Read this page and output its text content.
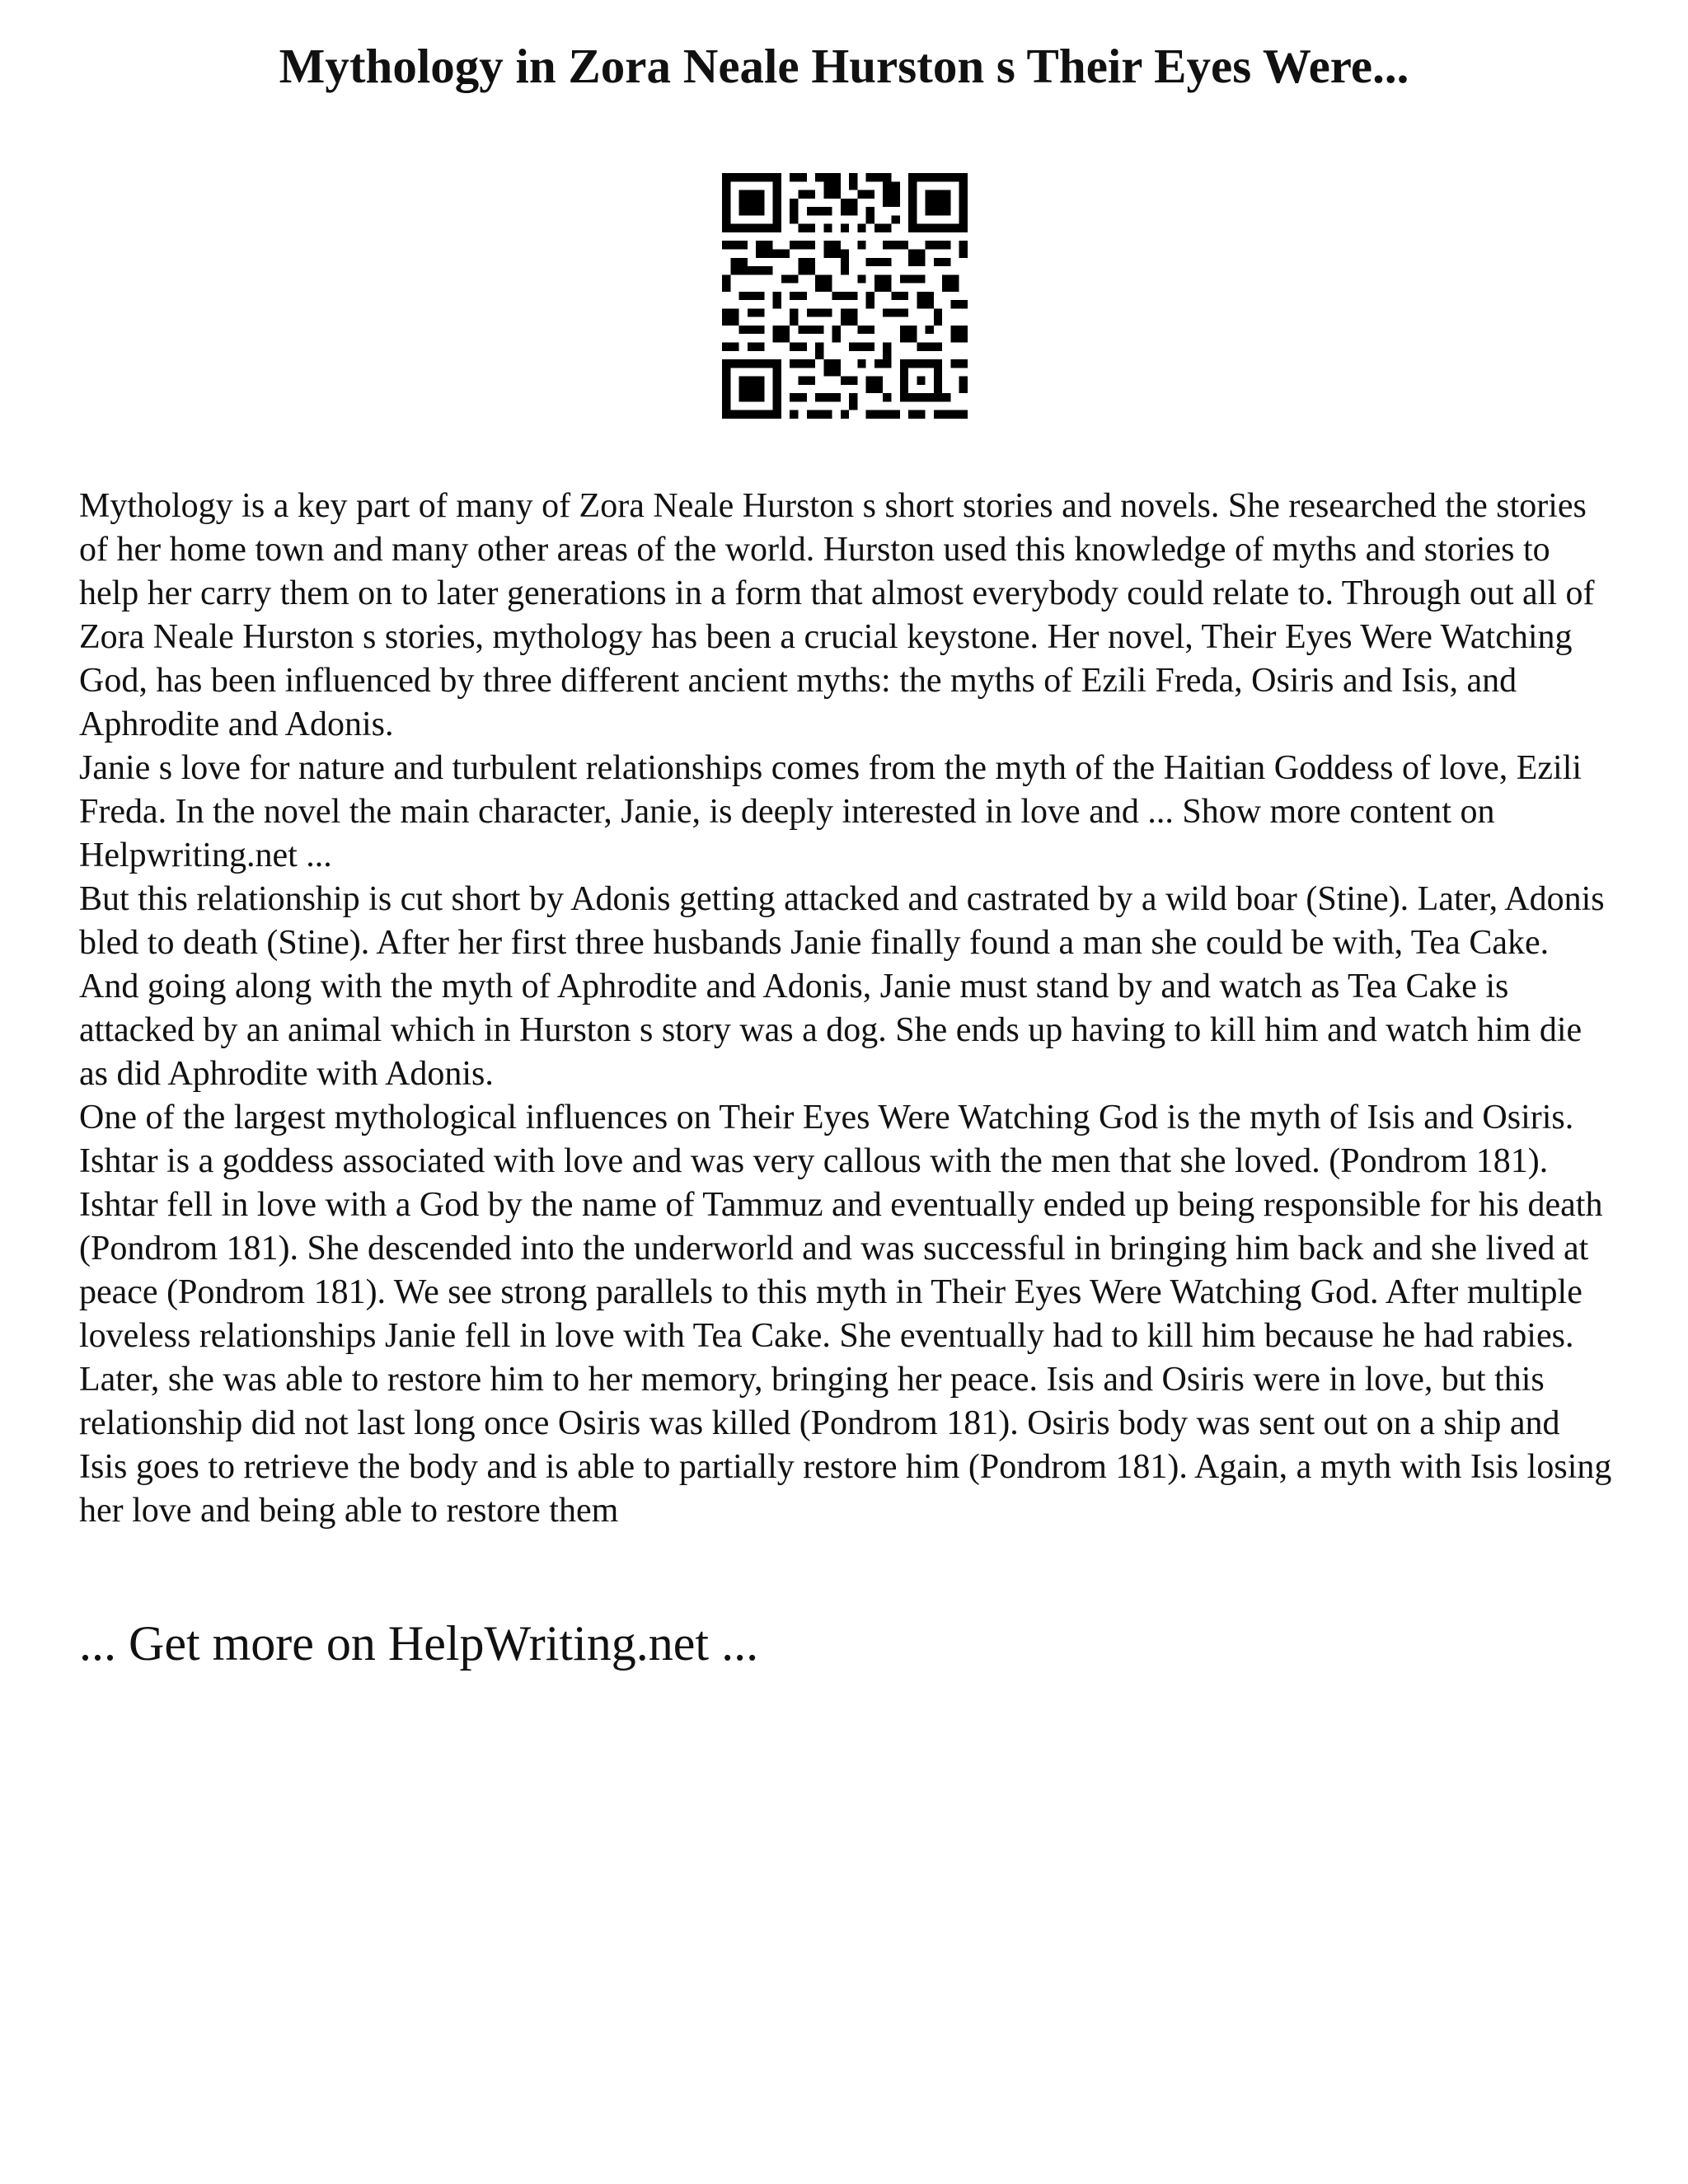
Mythology in Zora Neale Hurston s Their Eyes Were...

Mythology is a key part of many of Zora Neale Hurston s short stories and novels. She researched the stories of her home town and many other areas of the world. Hurston used this knowledge of myths and stories to help her carry them on to later generations in a form that almost everybody could relate to. Through out all of Zora Neale Hurston s stories, mythology has been a crucial keystone. Her novel, Their Eyes Were Watching God, has been influenced by three different ancient myths: the myths of Ezili Freda, Osiris and Isis, and Aphrodite and Adonis.

Janie s love for nature and turbulent relationships comes from the myth of the Haitian Goddess of love, Ezili Freda. In the novel the main character, Janie, is deeply interested in love and ... Show more content on Helpwriting.net ...

But this relationship is cut short by Adonis getting attacked and castrated by a wild boar (Stine). Later, Adonis bled to death (Stine). After her first three husbands Janie finally found a man she could be with, Tea Cake. And going along with the myth of Aphrodite and Adonis, Janie must stand by and watch as Tea Cake is attacked by an animal which in Hurston s story was a dog. She ends up having to kill him and watch him die as did Aphrodite with Adonis.

One of the largest mythological influences on Their Eyes Were Watching God is the myth of Isis and Osiris. Ishtar is a goddess associated with love and was very callous with the men that she loved. (Pondrom 181). Ishtar fell in love with a God by the name of Tammuz and eventually ended up being responsible for his death (Pondrom 181). She descended into the underworld and was successful in bringing him back and she lived at peace (Pondrom 181). We see strong parallels to this myth in Their Eyes Were Watching God. After multiple loveless relationships Janie fell in love with Tea Cake. She eventually had to kill him because he had rabies. Later, she was able to restore him to her memory, bringing her peace. Isis and Osiris were in love, but this relationship did not last long once Osiris was killed (Pondrom 181). Osiris body was sent out on a ship and Isis goes to retrieve the body and is able to partially restore him (Pondrom 181). Again, a myth with Isis losing her love and being able to restore them

... Get more on HelpWriting.net ...
